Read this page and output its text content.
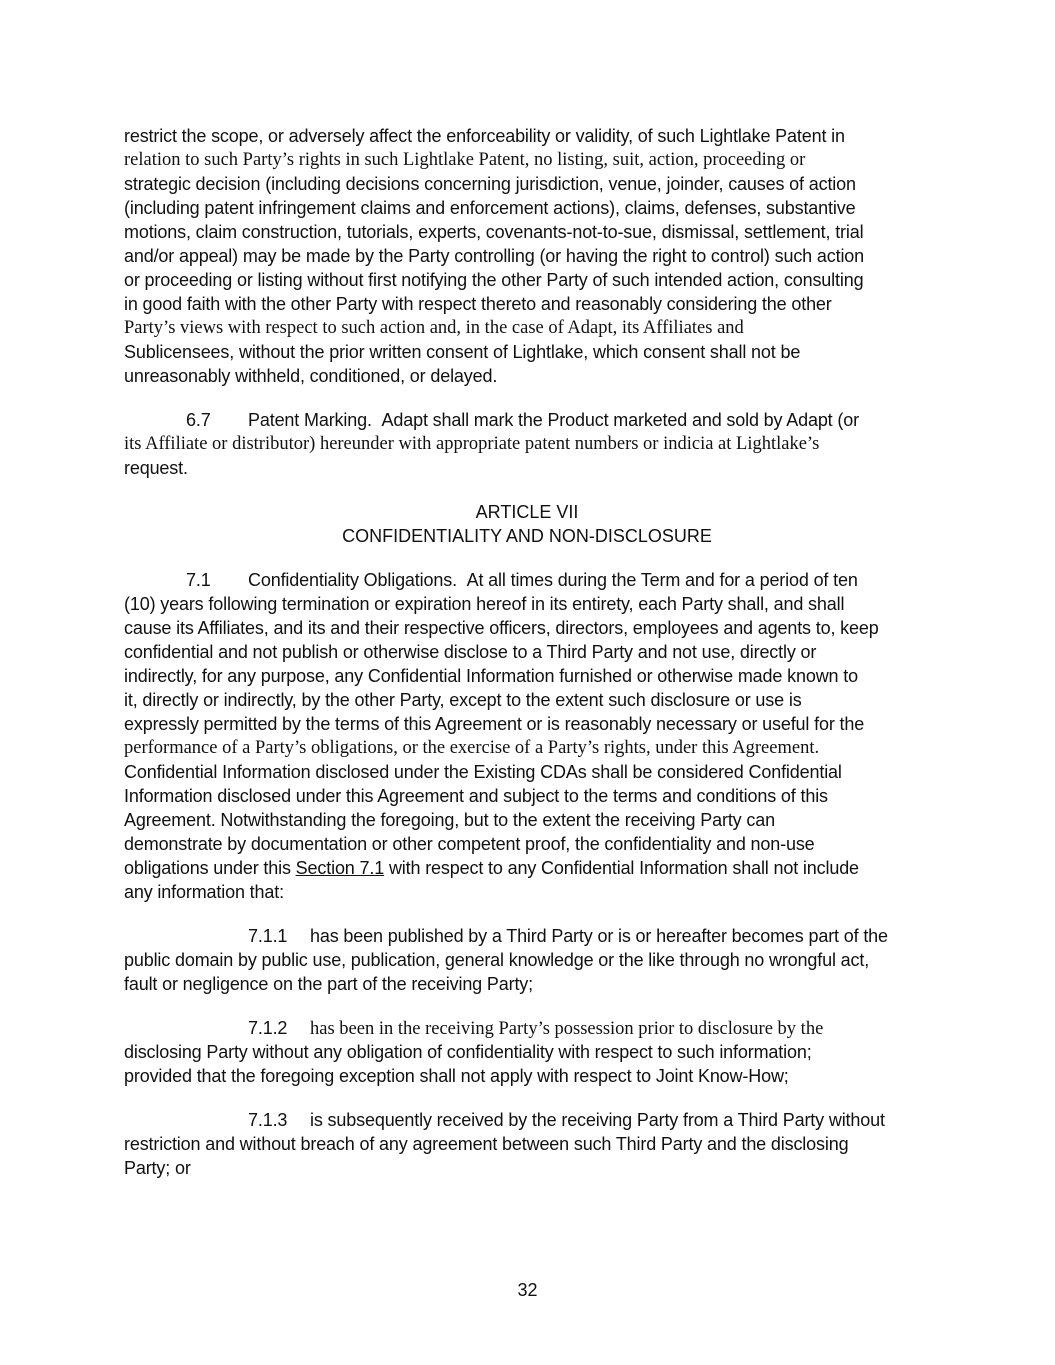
restrict the scope, or adversely affect the enforceability or validity, of such Lightlake Patent in
relation to such Party’s rights in such Lightlake Patent, no listing, suit, action, proceeding or
strategic decision (including decisions concerning jurisdiction, venue, joinder, causes of action
(including patent infringement claims and enforcement actions), claims, defenses, substantive
motions, claim construction, tutorials, experts, covenants-not-to-sue, dismissal, settlement, trial
and/or appeal) may be made by the Party controlling (or having the right to control) such action
or proceeding or listing without first notifying the other Party of such intended action, consulting
in good faith with the other Party with respect thereto and reasonably considering the other
Party’s views with respect to such action and, in the case of Adapt, its Affiliates and
Sublicensees, without the prior written consent of Lightlake, which consent shall not be
unreasonably withheld, conditioned, or delayed.
6.7 Patent Marking. Adapt shall mark the Product marketed and sold by Adapt (or
its Affiliate or distributor) hereunder with appropriate patent numbers or indicia at Lightlake’s
request.
ARTICLE VII
CONFIDENTIALITY AND NON-DISCLOSURE
7.1 Confidentiality Obligations. At all times during the Term and for a period of ten
(10) years following termination or expiration hereof in its entirety, each Party shall, and shall
cause its Affiliates, and its and their respective officers, directors, employees and agents to, keep
confidential and not publish or otherwise disclose to a Third Party and not use, directly or
indirectly, for any purpose, any Confidential Information furnished or otherwise made known to
it, directly or indirectly, by the other Party, except to the extent such disclosure or use is
expressly permitted by the terms of this Agreement or is reasonably necessary or useful for the
performance of a Party’s obligations, or the exercise of a Party’s rights, under this Agreement.
Confidential Information disclosed under the Existing CDAs shall be considered Confidential
Information disclosed under this Agreement and subject to the terms and conditions of this
Agreement. Notwithstanding the foregoing, but to the extent the receiving Party can
demonstrate by documentation or other competent proof, the confidentiality and non-use
obligations under this Section 7.1 with respect to any Confidential Information shall not include
any information that:
7.1.1 has been published by a Third Party or is or hereafter becomes part of the
public domain by public use, publication, general knowledge or the like through no wrongful act,
fault or negligence on the part of the receiving Party;
7.1.2 has been in the receiving Party’s possession prior to disclosure by the
disclosing Party without any obligation of confidentiality with respect to such information;
provided that the foregoing exception shall not apply with respect to Joint Know-How;
7.1.3 is subsequently received by the receiving Party from a Third Party without
restriction and without breach of any agreement between such Third Party and the disclosing
Party; or
32
